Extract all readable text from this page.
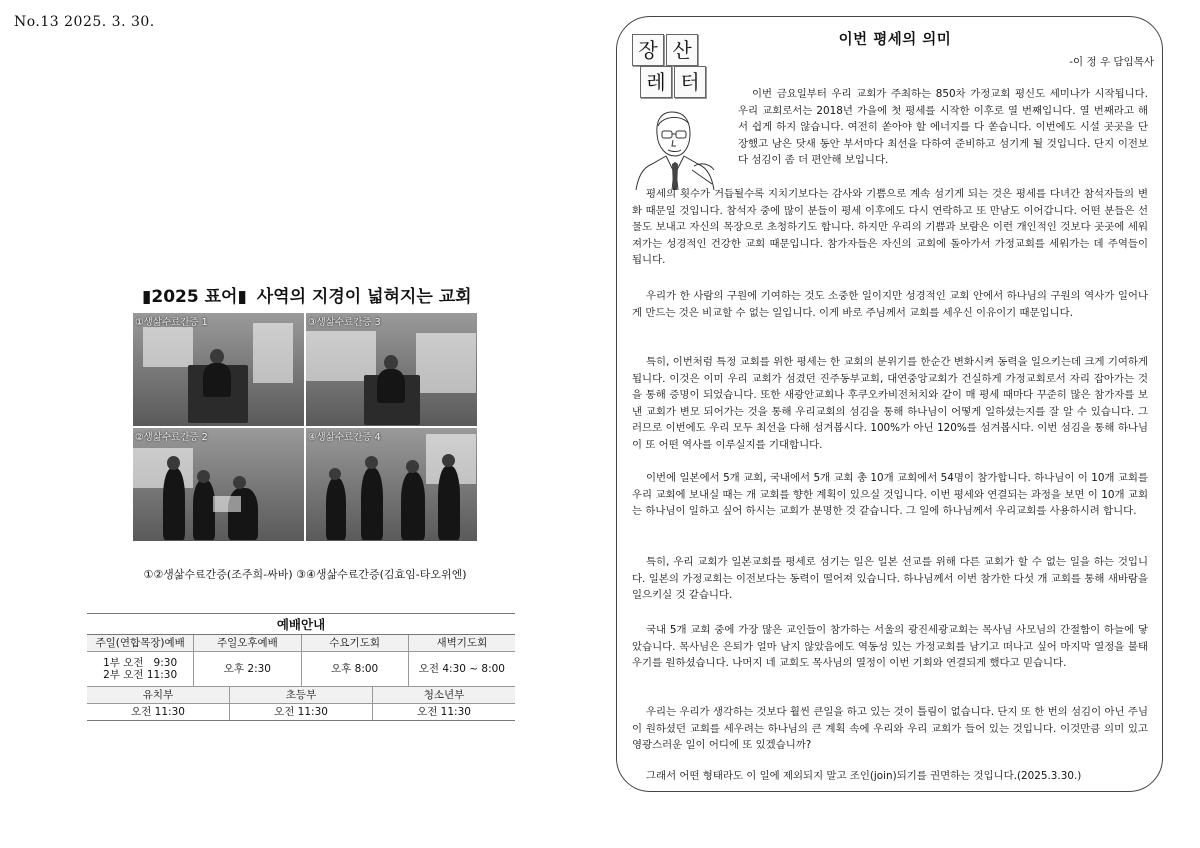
No.13 2025. 3. 30.
▮2025 표어▮ 사역의 지경이 넓혀지는 교회
①생삶수료간증 1	③생삶수료간증 3
②생삶수료간증 2	④생삶수료간증 4
①②생삶수료간증(조주희-싸바) ③④생삶수료간증(김효임-타오위엔)
예배안내
주일(연합목장)예배	주일오후예배	수요기도회	새벽기도회
1부 오전   9:30
2부 오전 11:30
오후 2:30	오후 8:00	오전 4:30 ~ 8:00
유치부	초등부	청소년부
오전 11:30	오전 11:30	오전 11:30
장 산
레 터
이번 평세의 의미
-이 정 우 담임목사
이번 금요일부터 우리 교회가 주최하는 850차 가정교회 평신도 세미나가 시작됩니다. 우리 교회로서는 2018년 가을에 첫 평세를 시작한 이후로 열 번째입니다. 열 번째라고 해서 쉽게 하지 않습니다. 여전히 쏟아야 할 에너지를 다 쏟습니다. 이번에도 시설 곳곳을 단장했고 남은 닷새 동안 부서마다 최선을 다하여 준비하고 섬기게 될 것입니다. 단지 이전보다 섬김이 좀 더 편안해 보입니다.
평세의 횟수가 거듭될수록 지치기보다는 감사와 기쁨으로 계속 섬기게 되는 것은 평세를 다녀간 참석자들의 변화 때문일 것입니다. 참석자 중에 많이 분들이 평세 이후에도 다시 연락하고 또 만남도 이어갑니다. 어떤 분들은 선물도 보내고 자신의 목장으로 초청하기도 합니다. 하지만 우리의 기쁨과 보람은 이런 개인적인 것보다 곳곳에 세워져가는 성경적인 건강한 교회 때문입니다. 참가자들은 자신의 교회에 돌아가서 가정교회를 세워가는 데 주역들이 됩니다.
우리가 한 사람의 구원에 기여하는 것도 소중한 일이지만 성경적인 교회 안에서 하나님의 구원의 역사가 일어나게 만드는 것은 비교할 수 없는 일입니다. 이게 바로 주님께서 교회를 세우신 이유이기 때문입니다.
특히, 이번처럼 특정 교회를 위한 평세는 한 교회의 분위기를 한순간 변화시켜 동력을 일으키는데 크게 기여하게 됩니다. 이것은 이미 우리 교회가 섬겼던 진주동부교회, 대연중앙교회가 건실하게 가정교회로서 자리 잡아가는 것을 통해 증명이 되었습니다. 또한 새광안교회나 후쿠오카비전처치와 같이 매 평세 때마다 꾸준히 많은 참가자를 보낸 교회가 변모 되어가는 것을 통해 우리교회의 섬김을 통해 하나님이 어떻게 일하셨는지를 잘 알 수 있습니다. 그러므로 이번에도 우리 모두 최선을 다해 섬겨봅시다. 100%가 아닌 120%를 섬겨봅시다. 이번 섬김을 통해 하나님이 또 어떤 역사를 이루실지를 기대합니다.
이번에 일본에서 5개 교회, 국내에서 5개 교회 총 10개 교회에서 54명이 참가합니다. 하나님이 이 10개 교회를 우리 교회에 보내실 때는 개 교회를 향한 계획이 있으실 것입니다. 이번 평세와 연결되는 과정을 보면 이 10개 교회는 하나님이 일하고 싶어 하시는 교회가 분명한 것 같습니다. 그 일에 하나님께서 우리교회를 사용하시려 합니다.
특히, 우리 교회가 일본교회를 평세로 섬기는 일은 일본 선교를 위해 다른 교회가 할 수 없는 일을 하는 것입니다. 일본의 가정교회는 이전보다는 동력이 떨어져 있습니다. 하나님께서 이번 참가한 다섯 개 교회를 통해 새바람을 일으키실 것 같습니다.
국내 5개 교회 중에 가장 많은 교인들이 참가하는 서울의 광진세광교회는 목사님 사모님의 간절함이 하늘에 닿았습니다. 목사님은 은퇴가 얼마 남지 않았음에도 역동성 있는 가정교회를 남기고 떠나고 싶어 마지막 열정을 불태우기를 원하셨습니다. 나머지 네 교회도 목사님의 열정이 이번 기회와 연결되게 했다고 믿습니다.
우리는 우리가 생각하는 것보다 훨씬 큰일을 하고 있는 것이 틀림이 없습니다. 단지 또 한 번의 섬김이 아닌 주님이 원하셨던 교회를 세우려는 하나님의 큰 계획 속에 우리와 우리 교회가 들어 있는 것입니다. 이것만큼 의미 있고 영광스러운 일이 어디에 또 있겠습니까?
그래서 어떤 형태라도 이 일에 제외되지 말고 조인(join)되기를 권면하는 것입니다.(2025.3.30.)
